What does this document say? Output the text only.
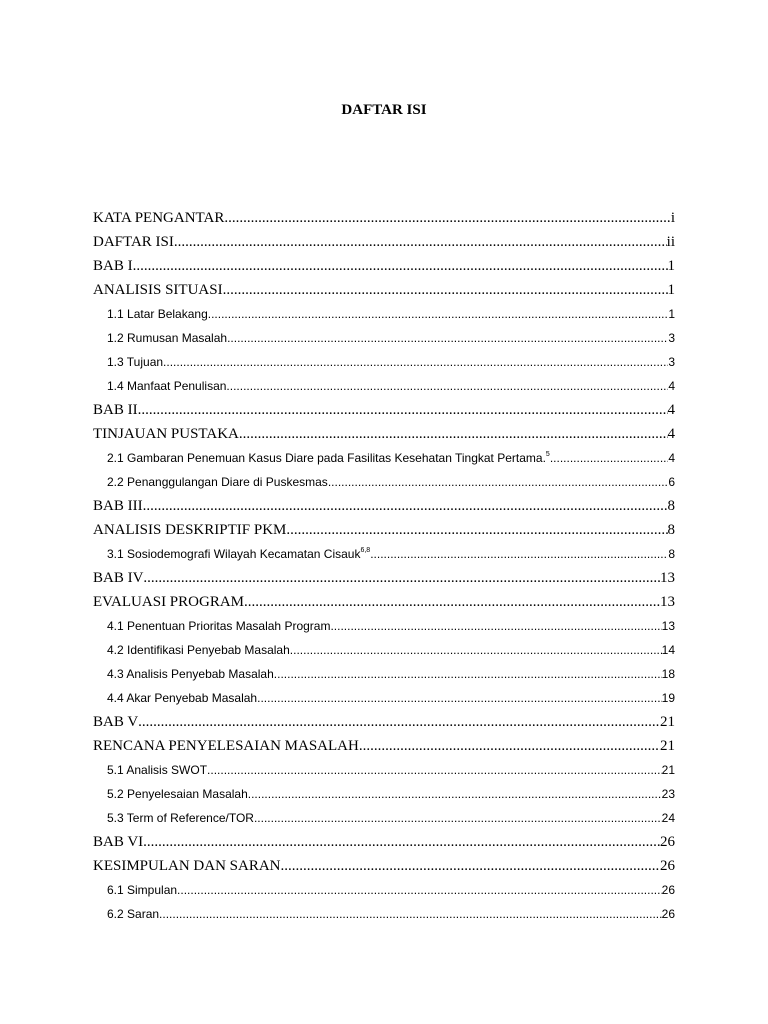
DAFTAR ISI
KATA PENGANTAR .....	i
DAFTAR ISI .....	ii
BAB I .....	1
ANALISIS SITUASI .....	1
1.1 Latar Belakang .....	1
1.2 Rumusan Masalah .....	3
1.3 Tujuan .....	3
1.4 Manfaat Penulisan .....	4
BAB II .....	4
TINJAUAN PUSTAKA .....	4
2.1 Gambaran Penemuan Kasus Diare pada Fasilitas Kesehatan Tingkat Pertama.$^5$ .....	4
2.2 Penanggulangan Diare di Puskesmas .....	6
BAB III .....	8
ANALISIS DESKRIPTIF PKM .....	8
3.1 Sosiodemografi Wilayah Kecamatan Cisauk$^{6,8}$ .....	8
BAB IV .....	13
EVALUASI PROGRAM .....	13
4.1 Penentuan Prioritas Masalah Program .....	13
4.2 Identifikasi Penyebab Masalah .....	14
4.3 Analisis Penyebab Masalah .....	18
4.4 Akar Penyebab Masalah .....	19
BAB V .....	21
RENCANA PENYELESAIAN MASALAH .....	21
5.1 Analisis SWOT .....	21
5.2 Penyelesaian Masalah .....	23
5.3 Term of Reference/TOR .....	24
BAB VI .....	26
KESIMPULAN DAN SARAN .....	26
6.1 Simpulan .....	26
6.2 Saran .....	26
